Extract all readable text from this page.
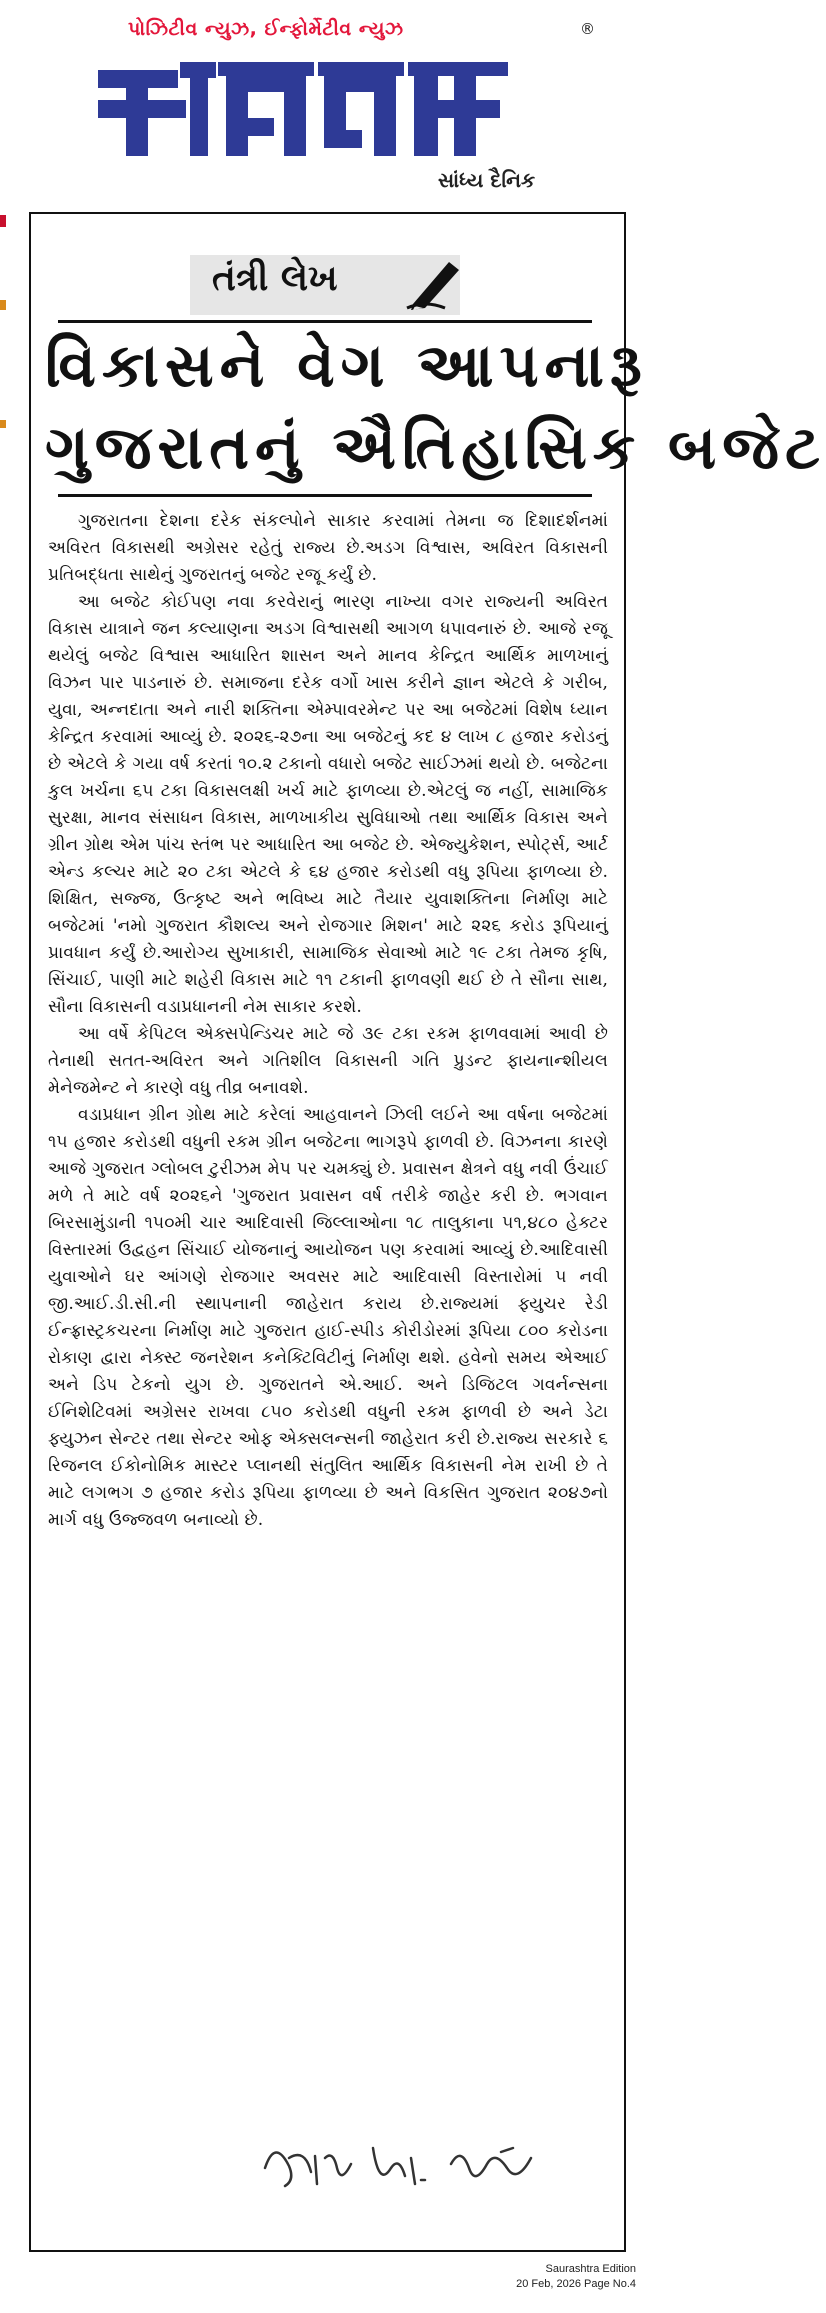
પોઝિટીવ ન્યુઝ, ઈન્ફોર્મેટીવ ન્યુઝ	®
સાંધ્ય દૈનિક
તંત્રી લેખ
વિકાસને વેગ આપનારૂ
ગુજરાતનું ઐતિહાસિક બજેટ

ગુજરાતના દેશના દરેક સંકલ્પોને સાકાર કરવામાં તેમના જ દિશાદર્શનમાં અવિરત વિકાસથી અગ્રેસર રહેતું રાજ્ય છે.અડગ વિશ્વાસ, અવિરત વિકાસની પ્રતિબદ્ધતા સાથેનું ગુજરાતનું બજેટ રજૂ કર્યું છે.

આ બજેટ કોઈપણ નવા કરવેરાનું ભારણ નાખ્યા વગર રાજ્યની અવિરત વિકાસ યાત્રાને જન કલ્યાણના અડગ વિશ્વાસથી આગળ ધપાવનારું છે. આજે રજૂ થયેલું બજેટ વિશ્વાસ આધારિત શાસન અને માનવ કેન્દ્રિત આર્થિક માળખાનું વિઝન પાર પાડનારું છે. સમાજના દરેક વર્ગો ખાસ કરીને જ્ઞાન એટલે કે ગરીબ, યુવા, અન્નદાતા અને નારી શક્તિના એમ્પાવરમેન્ટ પર આ બજેટમાં વિશેષ ધ્યાન કેન્દ્રિત કરવામાં આવ્યું છે. ૨૦૨૬-૨૭ના આ બજેટનું કદ ૪ લાખ ૮ હજાર કરોડનું છે એટલે કે ગયા વર્ષ કરતાં ૧૦.૨ ટકાનો વધારો બજેટ સાઈઝમાં થયો છે. બજેટના કુલ ખર્ચના ૬૫ ટકા વિકાસલક્ષી ખર્ચ માટે ફાળવ્યા છે.એટલું જ નહીં, સામાજિક સુરક્ષા, માનવ સંસાધન વિકાસ, માળખાકીય સુવિધાઓ તથા આર્થિક વિકાસ અને ગ્રીન ગ્રોથ એમ પાંચ સ્તંભ પર આધારિત આ બજેટ છે. એજ્યુકેશન, સ્પોર્ટ્સ, આર્ટ એન્ડ કલ્ચર માટે ૨૦ ટકા એટલે કે ૬૪ હજાર કરોડથી વધુ રૂપિયા ફાળવ્યા છે. શિક્ષિત, સજ્જ, ઉત્કૃષ્ટ અને ભવિષ્ય માટે તૈયાર યુવાશક્તિના નિર્માણ માટે બજેટમાં 'નમો ગુજરાત કૌશલ્ય અને રોજગાર મિશન' માટે ૨૨૬ કરોડ રૂપિયાનું પ્રાવધાન કર્યું છે.આરોગ્ય સુખાકારી, સામાજિક સેવાઓ માટે ૧૯ ટકા તેમજ કૃષિ, સિંચાઈ, પાણી માટે શહેરી વિકાસ માટે ૧૧ ટકાની ફાળવણી થઈ છે તે સૌના સાથ, સૌના વિકાસની વડાપ્રધાનની નેમ સાકાર કરશે.

આ વર્ષે કેપિટલ એક્સપેન્ડિચર માટે જે ૩૯ ટકા રકમ ફાળવવામાં આવી છે તેનાથી સતત-અવિરત અને ગતિશીલ વિકાસની ગતિ પ્રુડન્ટ ફાયનાન્શીયલ મેનેજમેન્ટ ને કારણે વધુ તીવ્ર બનાવશે.

વડાપ્રધાન ગ્રીન ગ્રોથ માટે કરેલાં આહવાનને ઝિલી લઈને આ વર્ષના બજેટમાં ૧૫ હજાર કરોડથી વધુની રકમ ગ્રીન બજેટના ભાગરૂપે ફાળવી છે. વિઝનના કારણે આજે ગુજરાત ગ્લોબલ ટુરીઝમ મેપ પર ચમક્યું છે. પ્રવાસન ક્ષેત્રને વધુ નવી ઉંચાઈ મળે તે માટે વર્ષ ૨૦૨૬ને 'ગુજરાત પ્રવાસન વર્ષ તરીકે જાહેર કરી છે. ભગવાન બિરસામુંડાની ૧૫૦મી ચાર આદિવાસી જિલ્લાઓના ૧૮ તાલુકાના ૫૧,૪૮૦ હેક્ટર વિસ્તારમાં ઉદ્વહન સિંચાઈ યોજનાનું આયોજન પણ કરવામાં આવ્યું છે.આદિવાસી યુવાઓને ઘર આંગણે રોજગાર અવસર માટે આદિવાસી વિસ્તારોમાં ૫ નવી જી.આઈ.ડી.સી.ની સ્થાપનાની જાહેરાત કરાય છે.રાજ્યમાં ફ્યુચર રેડી ઈન્ફ્રાસ્ટ્રકચરના નિર્માણ માટે ગુજરાત હાઈ-સ્પીડ કોરીડોરમાં રૂપિયા ૮૦૦ કરોડના રોકાણ દ્વારા નેક્સ્ટ જનરેશન કનેક્ટિવિટીનું નિર્માણ થશે. હવેનો સમય એઆઈ અને ડિપ ટેકનો યુગ છે. ગુજરાતને એ.આઈ. અને ડિજિટલ ગવર્નન્સના ઈનિશેટિવમાં અગ્રેસર રાખવા ૮૫૦ કરોડથી વધુની રકમ ફાળવી છે અને ડેટા ફ્યુઝન સેન્ટર તથા સેન્ટર ઓફ એક્સલન્સની જાહેરાત કરી છે.રાજ્ય સરકારે ૬ રિજનલ ઈકોનોમિક માસ્ટર પ્લાનથી સંતુલિત આર્થિક વિકાસની નેમ રાખી છે તે માટે લગભગ ૭ હજાર કરોડ રૂપિયા ફાળવ્યા છે અને વિકસિત ગુજરાત ૨૦૪૭નો માર્ગ વધુ ઉજ્જવળ બનાવ્યો છે.

Saurashtra Edition
20 Feb, 2026 Page No.4
